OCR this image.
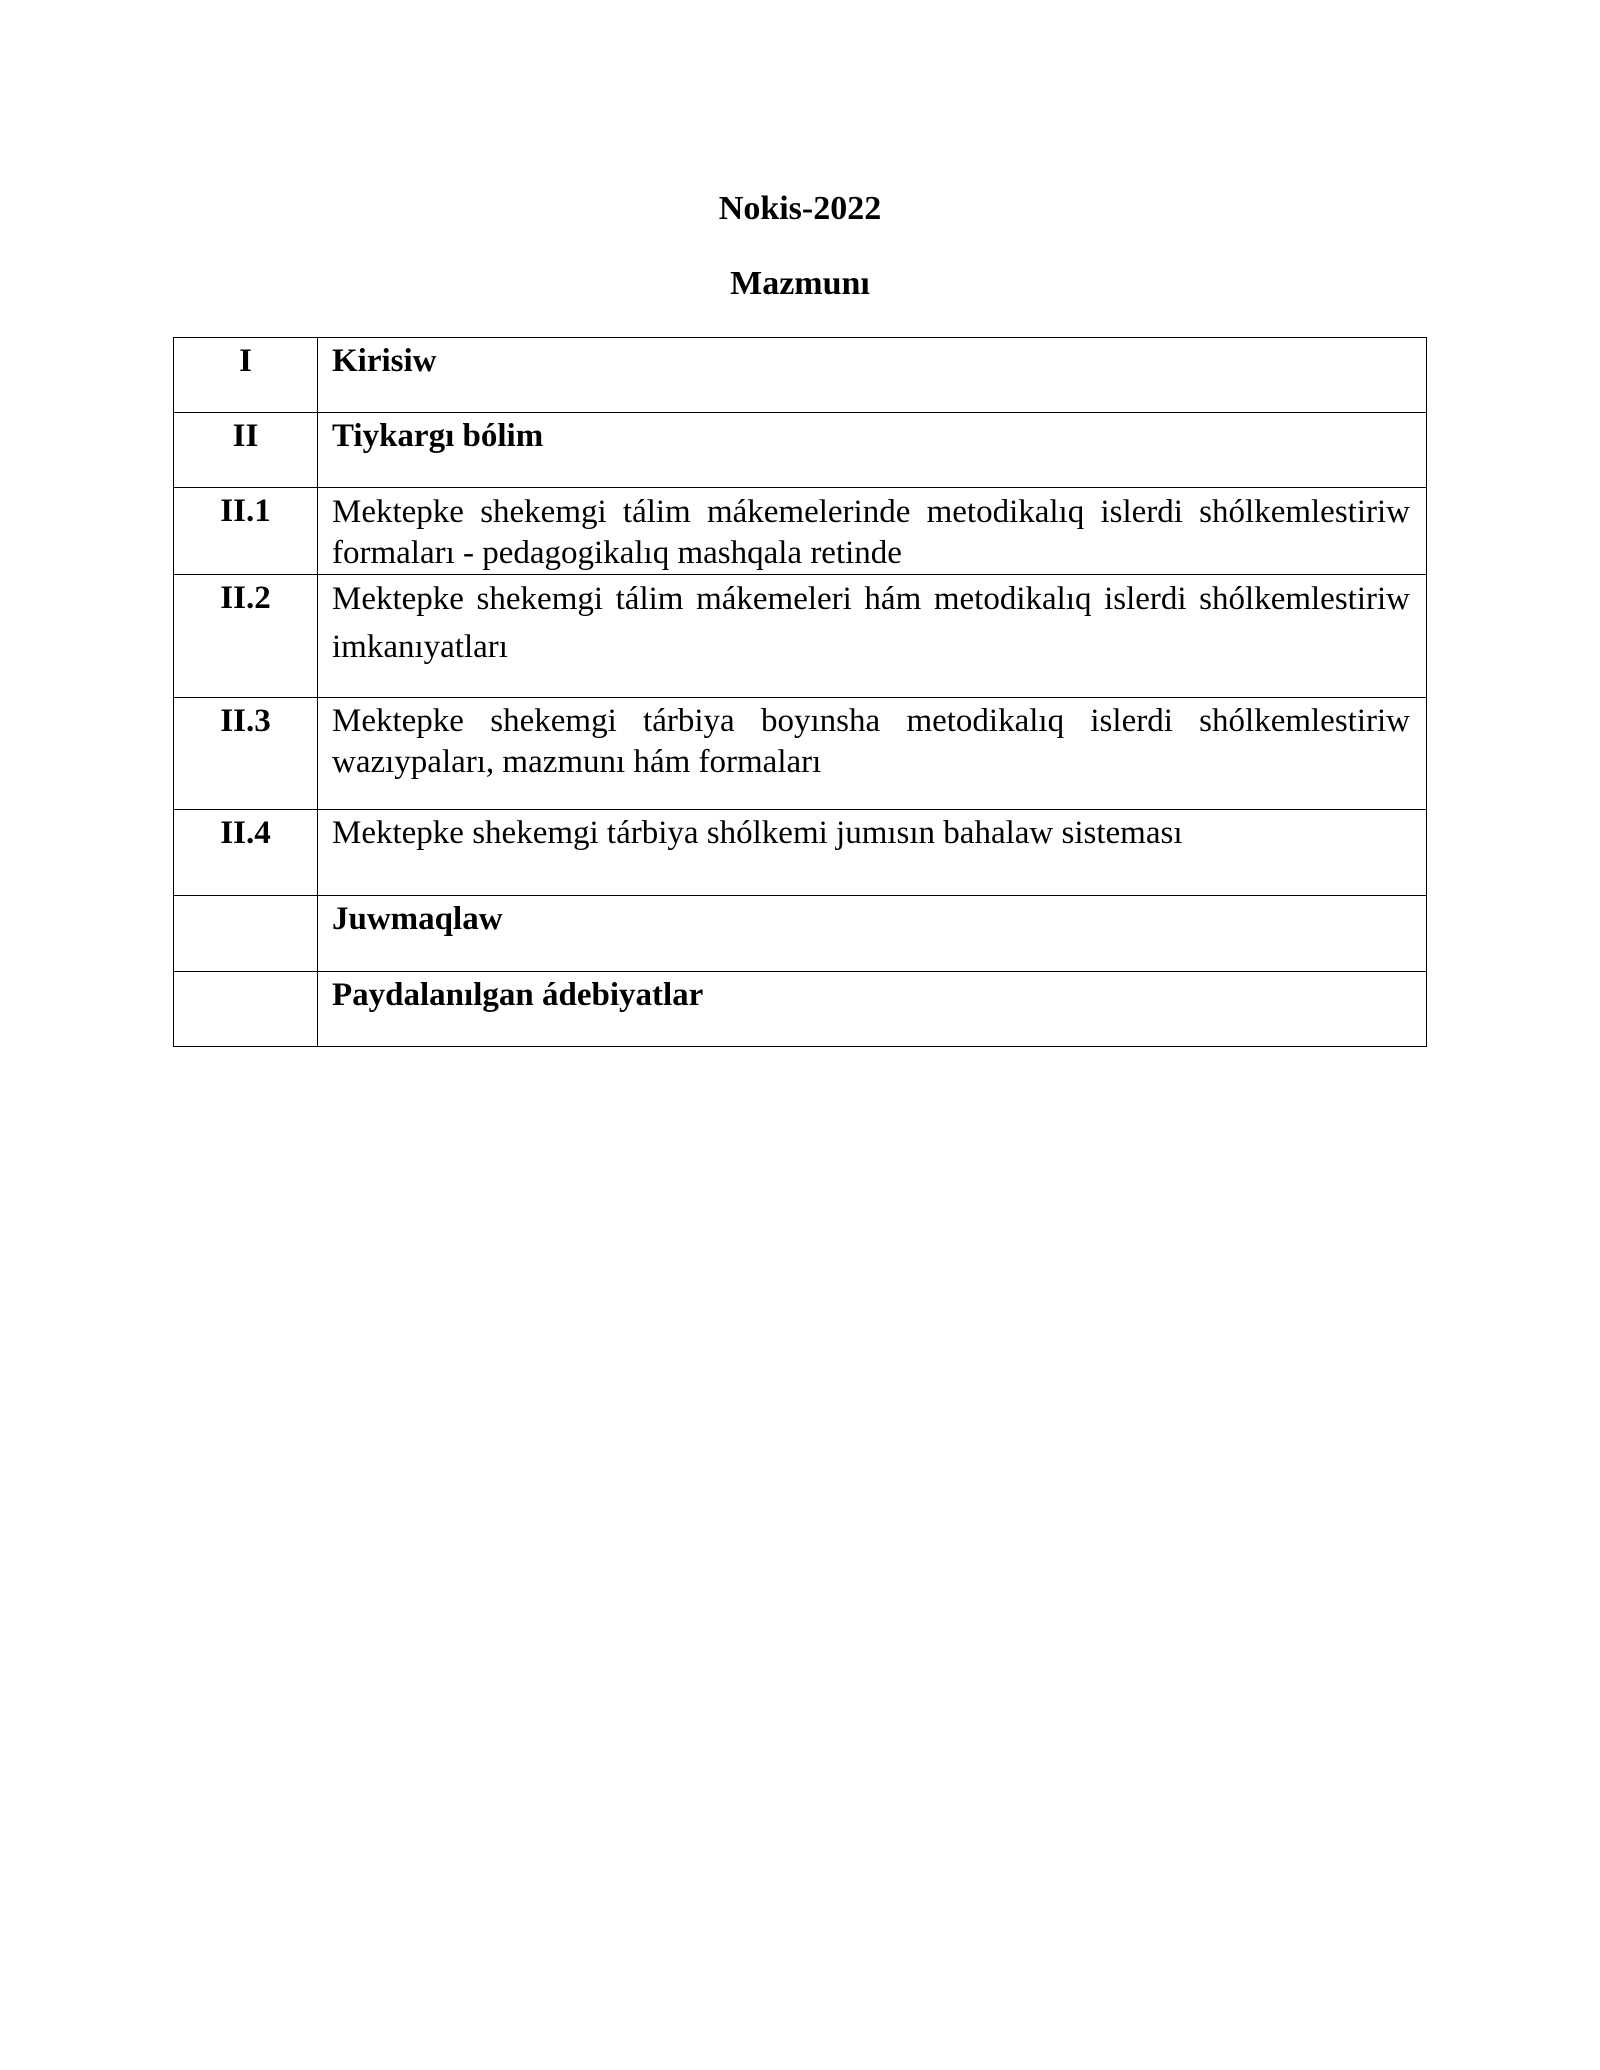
Nokis-2022
Mazmunı
I	Kirisiw
II	Tiykargı bólim
II.1	Mektepke shekemgi tálim mákemelerinde metodikalıq islerdi shólkemlestiriw formaları - pedagogikalıq mashqala retinde
II.2	Mektepke shekemgi tálim mákemeleri hám metodikalıq islerdi shólkemlestiriw imkanıyatları
II.3	Mektepke shekemgi tárbiya boyınsha metodikalıq islerdi shólkemlestiriw wazıypaları, mazmunı hám formaları
II.4	Mektepke shekemgi tárbiya shólkemi jumısın bahalaw sisteması
	Juwmaqlaw
	Paydalanılgan ádebiyatlar
